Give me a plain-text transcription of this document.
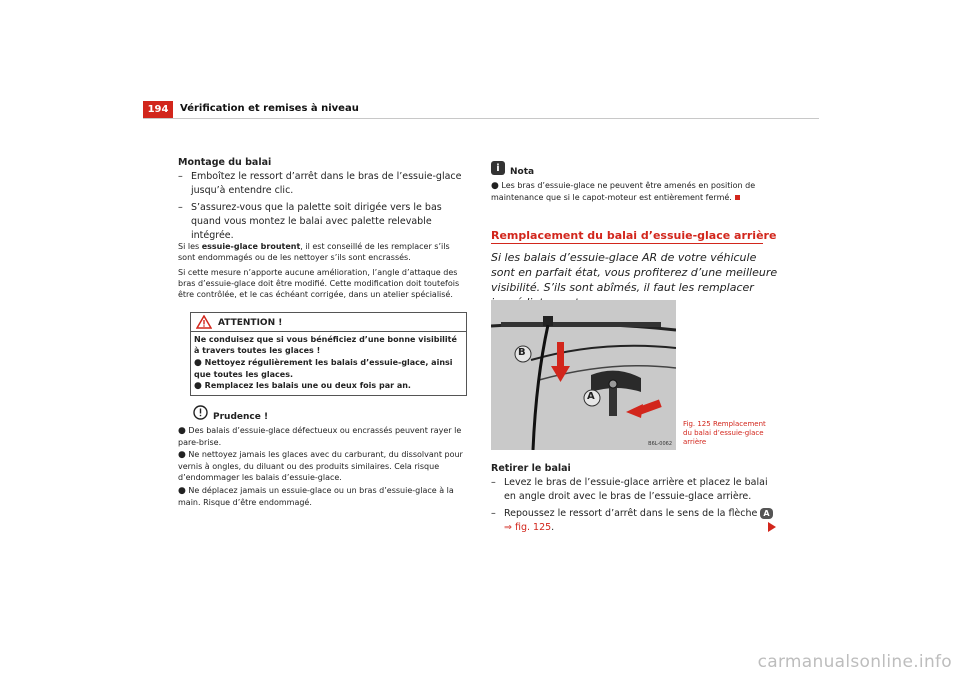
194	Vérification et remises à niveau
Montage du balai
– Emboîtez le ressort d’arrêt dans le bras de l’essuie-glace jusqu’à entendre clic.
– S’assurez-vous que la palette soit dirigée vers le bas quand vous montez le balai avec palette relevable intégrée.
Si les essuie-glace broutent, il est conseillé de les remplacer s’ils sont endommagés ou de les nettoyer s’ils sont encrassés.
Si cette mesure n’apporte aucune amélioration, l’angle d’attaque des bras d’essuie-glace doit être modifié. Cette modification doit toutefois être contrôlée, et le cas échéant corrigée, dans un atelier spécialisé.
ATTENTION !
Ne conduisez que si vous bénéficiez d’une bonne visibilité à travers toutes les glaces !
● Nettoyez régulièrement les balais d’essuie-glace, ainsi que toutes les glaces.
● Remplacez les balais une ou deux fois par an.
Prudence !
● Des balais d’essuie-glace défectueux ou encrassés peuvent rayer le pare-brise.
● Ne nettoyez jamais les glaces avec du carburant, du dissolvant pour vernis à ongles, du diluant ou des produits similaires. Cela risque d’endommager les balais d’essuie-glace.
● Ne déplacez jamais un essuie-glace ou un bras d’essuie-glace à la main. Risque d’être endommagé.
i	Nota
● Les bras d’essuie-glace ne peuvent être amenés en position de maintenance que si le capot-moteur est entièrement fermé.
Remplacement du balai d’essuie-glace arrière
Si les balais d’essuie-glace AR de votre véhicule sont en parfait état, vous profiterez d’une meilleure visibilité. S’ils sont abîmés, il faut les remplacer
B
A
B6L-0062
Fig. 125 Remplacement du balai d’essuie-glace arrière
Retirer le balai
– Levez le bras de l’essuie-glace arrière et placez le balai en angle droit avec le bras de l’essuie-glace arrière.
– Repoussez le ressort d’arrêt dans le sens de la flèche A
⇒ fig. 125.
carmanualsonline.info
